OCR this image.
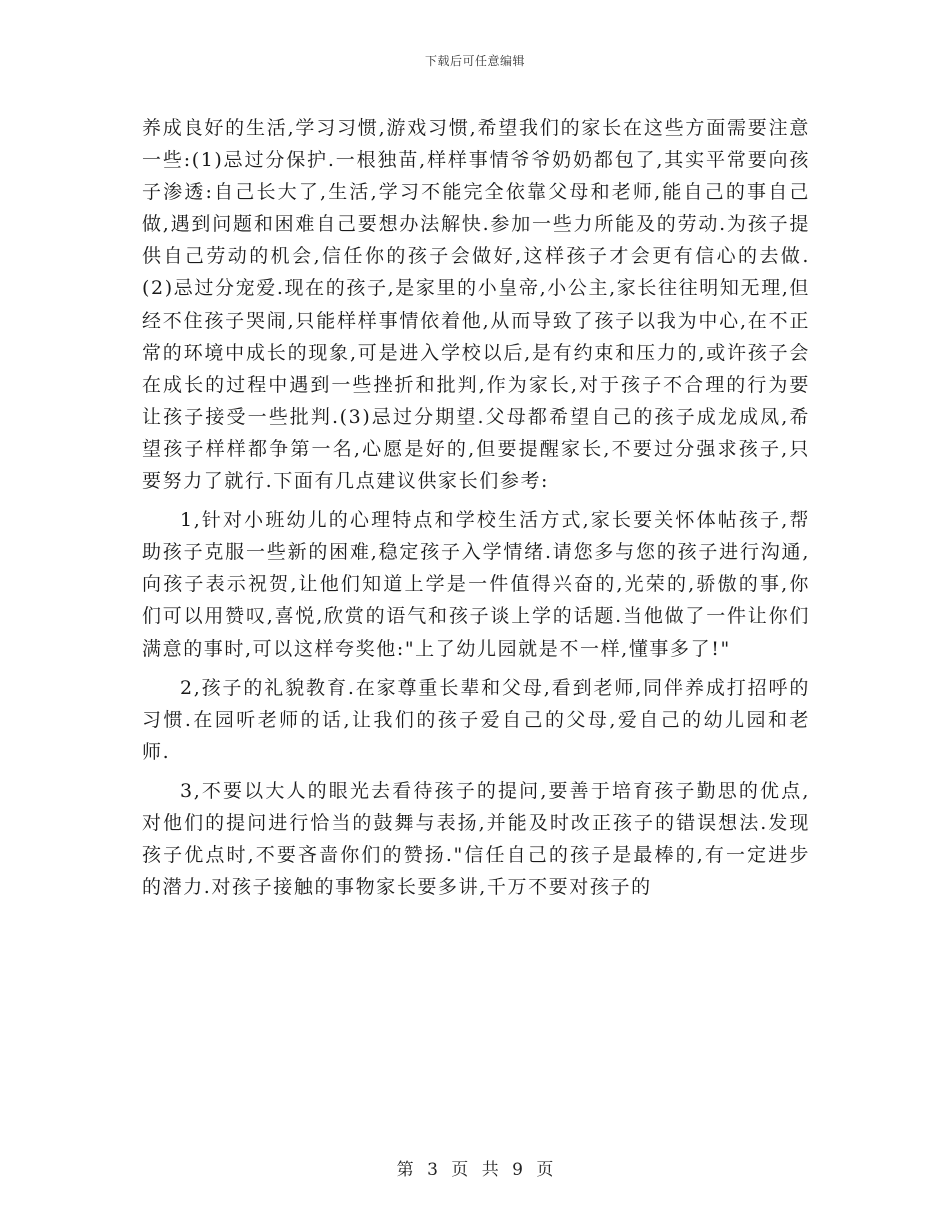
下载后可任意编辑

养成良好的生活,学习习惯,游戏习惯,希望我们的家长在这些方面需要注意一些:(1)忌过分保护.一根独苗,样样事情爷爷奶奶都包了,其实平常要向孩子渗透:自己长大了,生活,学习不能完全依靠父母和老师,能自己的事自己做,遇到问题和困难自己要想办法解快.参加一些力所能及的劳动.为孩子提供自己劳动的机会,信任你的孩子会做好,这样孩子才会更有信心的去做.(2)忌过分宠爱.现在的孩子,是家里的小皇帝,小公主,家长往往明知无理,但经不住孩子哭闹,只能样样事情依着他,从而导致了孩子以我为中心,在不正常的环境中成长的现象,可是进入学校以后,是有约束和压力的,或许孩子会在成长的过程中遇到一些挫折和批判,作为家长,对于孩子不合理的行为要让孩子接受一些批判.(3)忌过分期望.父母都希望自己的孩子成龙成凤,希望孩子样样都争第一名,心愿是好的,但要提醒家长,不要过分强求孩子,只要努力了就行.下面有几点建议供家长们参考:

1,针对小班幼儿的心理特点和学校生活方式,家长要关怀体帖孩子,帮助孩子克服一些新的困难,稳定孩子入学情绪.请您多与您的孩子进行沟通,向孩子表示祝贺,让他们知道上学是一件值得兴奋的,光荣的,骄傲的事,你们可以用赞叹,喜悦,欣赏的语气和孩子谈上学的话题.当他做了一件让你们满意的事时,可以这样夸奖他:"上了幼儿园就是不一样,懂事多了!"

2,孩子的礼貌教育.在家尊重长辈和父母,看到老师,同伴养成打招呼的习惯.在园听老师的话,让我们的孩子爱自己的父母,爱自己的幼儿园和老师.

3,不要以大人的眼光去看待孩子的提问,要善于培育孩子勤思的优点,对他们的提问进行恰当的鼓舞与表扬,并能及时改正孩子的错误想法.发现孩子优点时,不要吝啬你们的赞扬."信任自己的孩子是最棒的,有一定进步的潜力.对孩子接触的事物家长要多讲,千万不要对孩子的

第 3 页 共 9 页
